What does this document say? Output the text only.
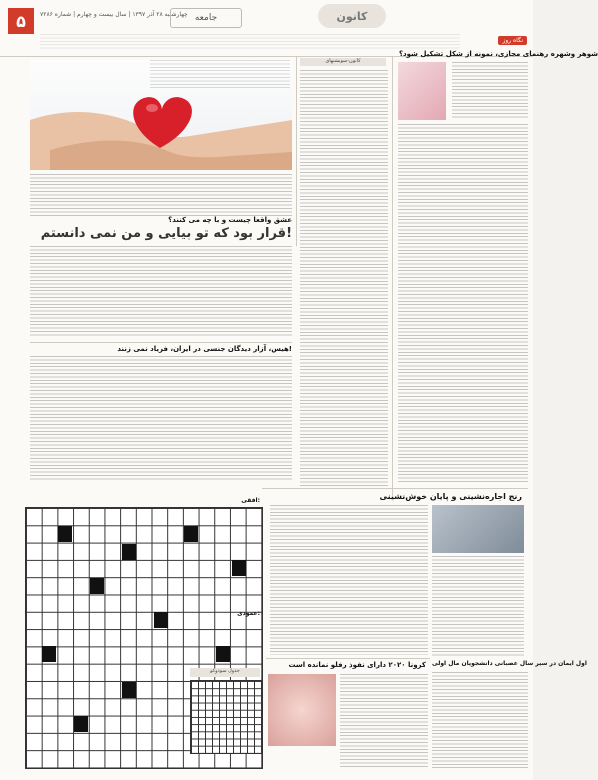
۵	چهارشنبه ۲۸ آذر ۱۳۹۷ | سال بیست و چهارم | شماره ۷۲۸۶ جامعه	کانون
نگاه روز
شوهر وشهره رهنمای مجازی، نمونه از شکل تشکیل شود؟
کانون-سوبشنهای
عشق واقعا چیست و با چه می کنند؟
قرار بود که تو بیایی و من نمی دانستم!
هیس، آزار دیدگان جنسی در ایران، فریاد نمی زنند!
رنج اجاره‌نشینی و پایان خوش‌نشینی
کرونا ۲۰۲۰ دارای نفوذ رفلو نمانده است اول ایمان در سیر سال عصبانی دانشجویان مال اولی
افقی:
عمودی:
جدول سودوکو
